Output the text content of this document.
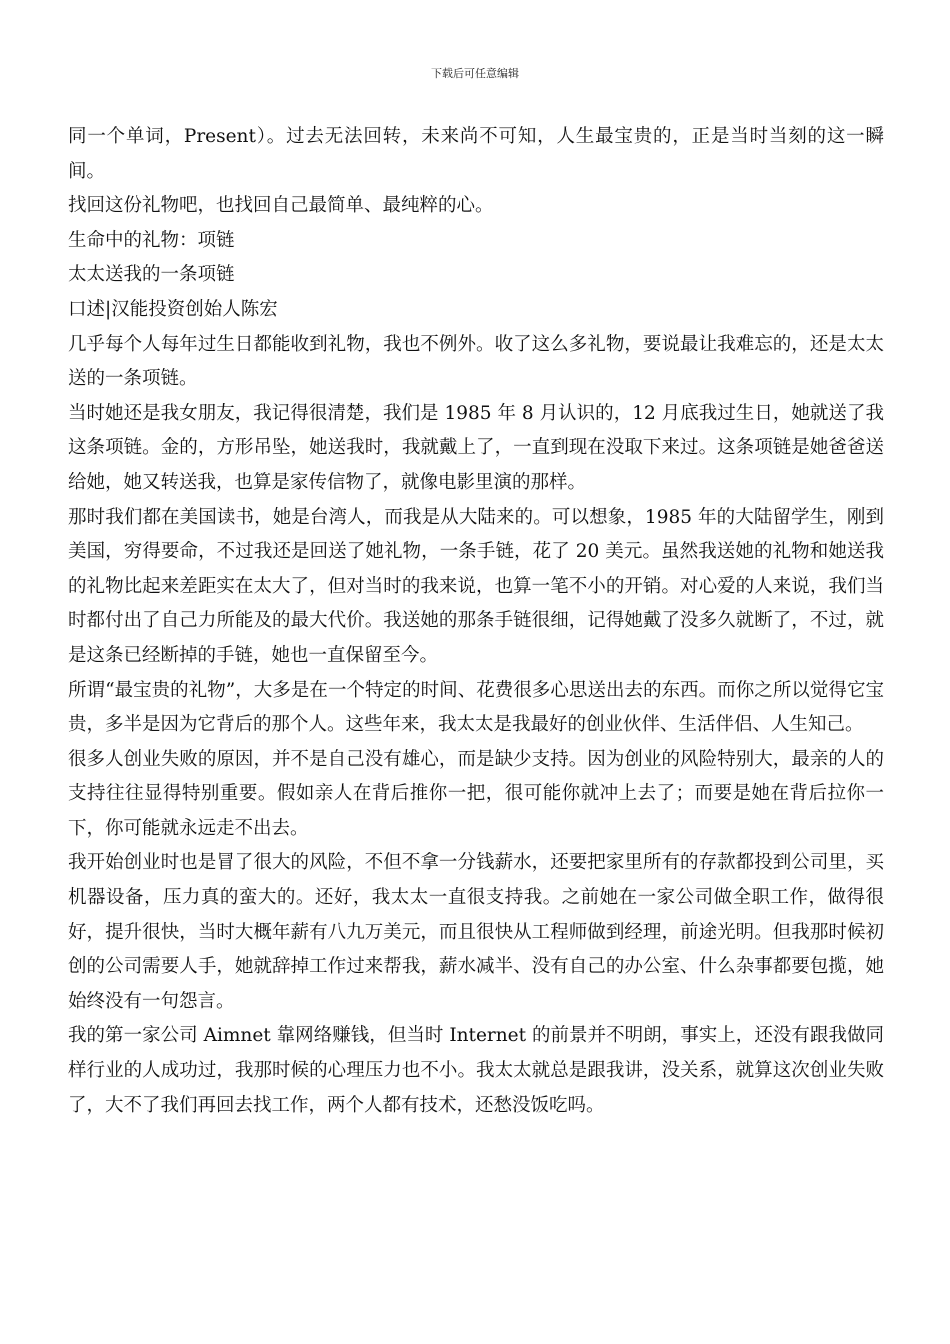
下载后可任意编辑

同一个单词，Present）。过去无法回转，未来尚不可知，人生最宝贵的，正是当时当刻的这一瞬间。

找回这份礼物吧，也找回自己最简单、最纯粹的心。

生命中的礼物：项链

太太送我的一条项链

口述|汉能投资创始人陈宏

几乎每个人每年过生日都能收到礼物，我也不例外。收了这么多礼物，要说最让我难忘的，还是太太送的一条项链。

当时她还是我女朋友，我记得很清楚，我们是 1985 年 8 月认识的，12 月底我过生日，她就送了我这条项链。金的，方形吊坠，她送我时，我就戴上了，一直到现在没取下来过。这条项链是她爸爸送给她，她又转送我，也算是家传信物了，就像电影里演的那样。

那时我们都在美国读书，她是台湾人，而我是从大陆来的。可以想象，1985 年的大陆留学生，刚到美国，穷得要命，不过我还是回送了她礼物，一条手链，花了 20 美元。虽然我送她的礼物和她送我的礼物比起来差距实在太大了，但对当时的我来说，也算一笔不小的开销。对心爱的人来说，我们当时都付出了自己力所能及的最大代价。我送她的那条手链很细，记得她戴了没多久就断了，不过，就是这条已经断掉的手链，她也一直保留至今。

所谓“最宝贵的礼物”，大多是在一个特定的时间、花费很多心思送出去的东西。而你之所以觉得它宝贵，多半是因为它背后的那个人。这些年来，我太太是我最好的创业伙伴、生活伴侣、人生知己。

很多人创业失败的原因，并不是自己没有雄心，而是缺少支持。因为创业的风险特别大，最亲的人的支持往往显得特别重要。假如亲人在背后推你一把，很可能你就冲上去了；而要是她在背后拉你一下，你可能就永远走不出去。

我开始创业时也是冒了很大的风险，不但不拿一分钱薪水，还要把家里所有的存款都投到公司里，买机器设备，压力真的蛮大的。还好，我太太一直很支持我。之前她在一家公司做全职工作，做得很好，提升很快，当时大概年薪有八九万美元，而且很快从工程师做到经理，前途光明。但我那时候初创的公司需要人手，她就辞掉工作过来帮我，薪水减半、没有自己的办公室、什么杂事都要包揽，她始终没有一句怨言。

我的第一家公司 Aimnet 靠网络赚钱，但当时 Internet 的前景并不明朗，事实上，还没有跟我做同样行业的人成功过，我那时候的心理压力也不小。我太太就总是跟我讲，没关系，就算这次创业失败了，大不了我们再回去找工作，两个人都有技术，还愁没饭吃吗。
